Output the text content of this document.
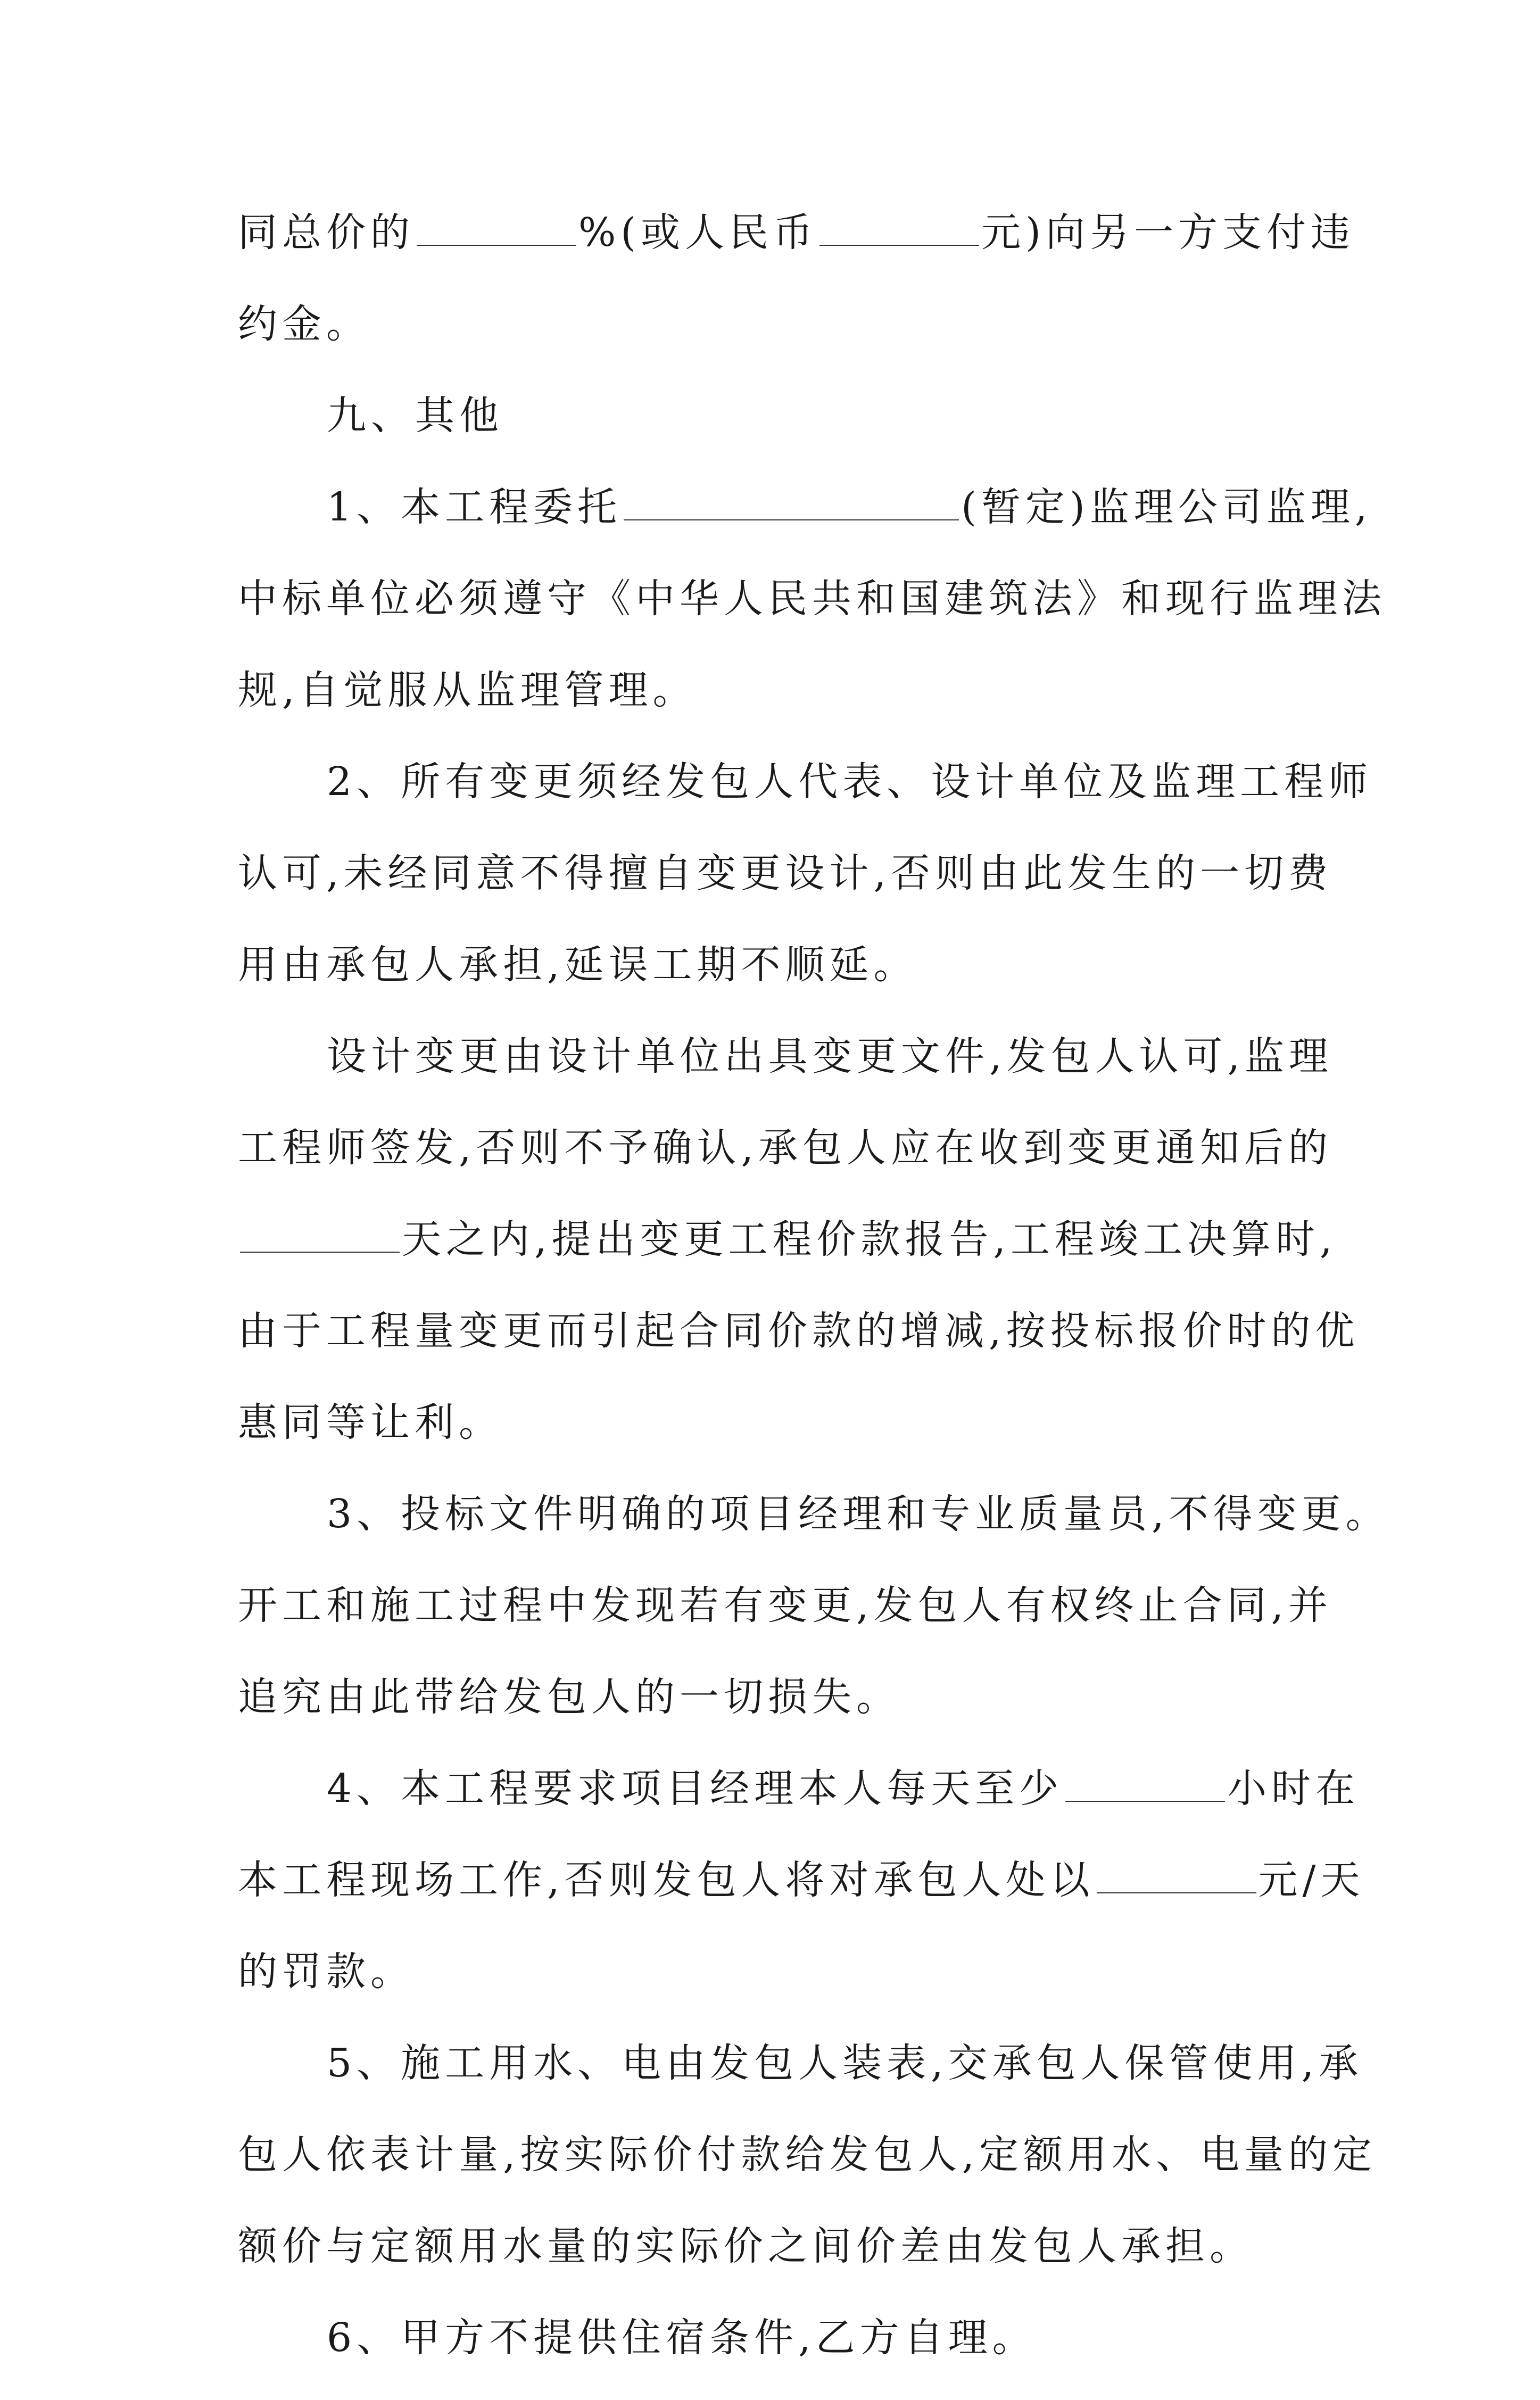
同总价的	%(或人民币	元)向另一方支付违
约金。
九、其他
1、本工程委托	(暂定)监理公司监理,
中标单位必须遵守《中华人民共和国建筑法》和现行监理法
规,自觉服从监理管理。
2、所有变更须经发包人代表、设计单位及监理工程师
认可,未经同意不得擅自变更设计,否则由此发生的一切费
用由承包人承担,延误工期不顺延。
设计变更由设计单位出具变更文件,发包人认可,监理
工程师签发,否则不予确认,承包人应在收到变更通知后的
天之内,提出变更工程价款报告,工程竣工决算时,
由于工程量变更而引起合同价款的增减,按投标报价时的优
惠同等让利。
3、投标文件明确的项目经理和专业质量员,不得变更。
开工和施工过程中发现若有变更,发包人有权终止合同,并
追究由此带给发包人的一切损失。
4、本工程要求项目经理本人每天至少	小时在
本工程现场工作,否则发包人将对承包人处以	元/天
的罚款。
5、施工用水、电由发包人装表,交承包人保管使用,承
包人依表计量,按实际价付款给发包人,定额用水、电量的定
额价与定额用水量的实际价之间价差由发包人承担。
6、甲方不提供住宿条件,乙方自理。
